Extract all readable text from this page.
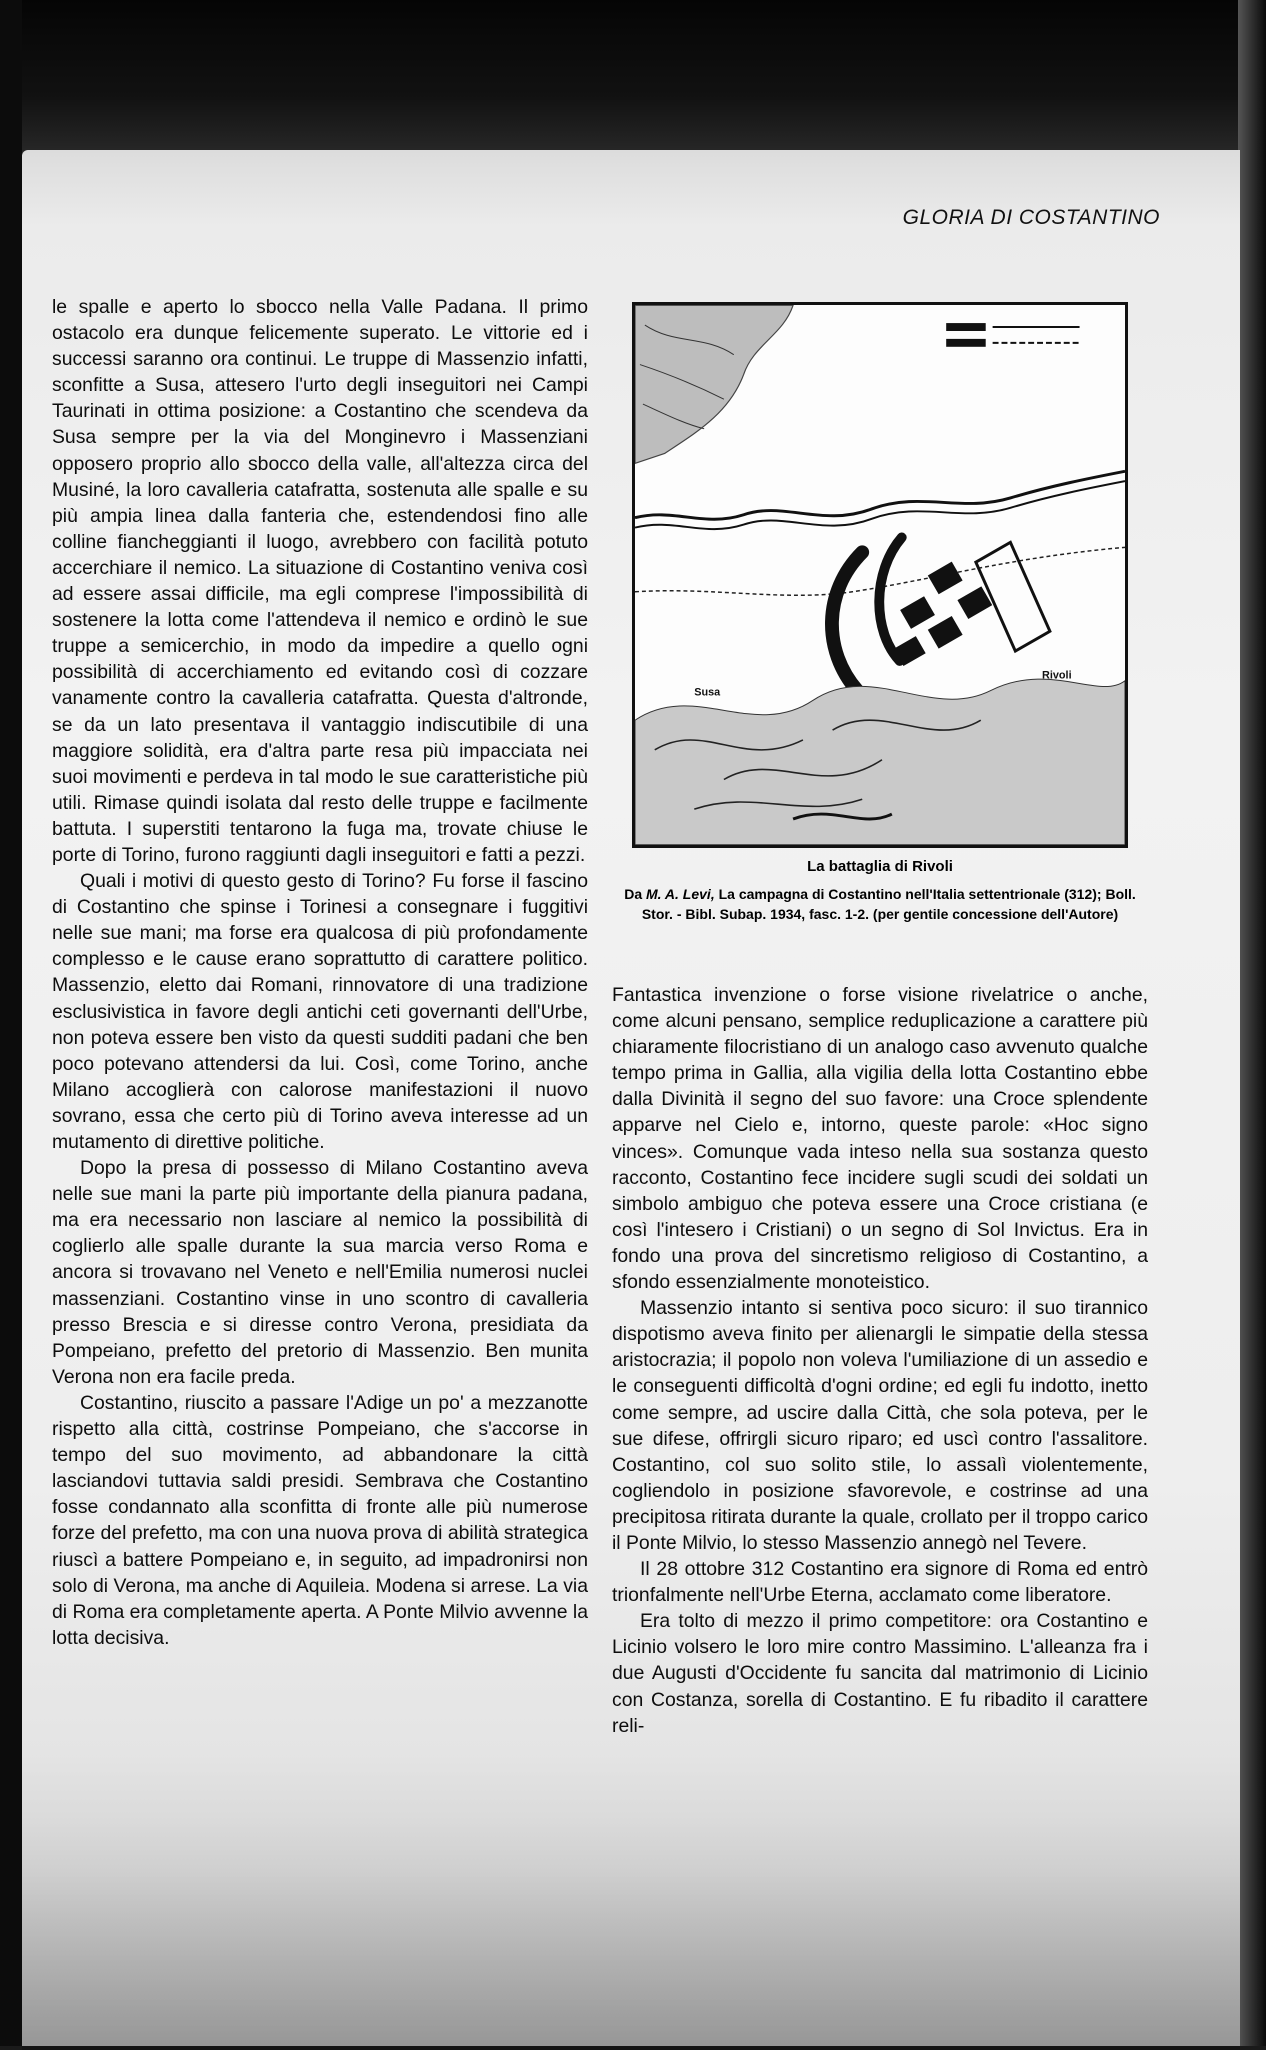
GLORIA DI COSTANTINO

le spalle e aperto lo sbocco nella Valle Padana. Il primo ostacolo era dunque felicemente superato. Le vittorie ed i successi saranno ora continui. Le truppe di Massenzio infatti, sconfitte a Susa, attesero l'urto degli inseguitori nei Campi Taurinati in ottima posizione: a Costantino che scendeva da Susa sempre per la via del Monginevro i Massenziani opposero proprio allo sbocco della valle, all'altezza circa del Musiné, la loro cavalleria catafratta, sostenuta alle spalle e su più ampia linea dalla fanteria che, estendendosi fino alle colline fiancheggianti il luogo, avrebbero con facilità potuto accerchiare il nemico. La situazione di Costantino veniva così ad essere assai difficile, ma egli comprese l'impossibilità di sostenere la lotta come l'attendeva il nemico e ordinò le sue truppe a semicerchio, in modo da impedire a quello ogni possibilità di accerchiamento ed evitando così di cozzare vanamente contro la cavalleria catafratta. Questa d'altronde, se da un lato presentava il vantaggio indiscutibile di una maggiore solidità, era d'altra parte resa più impacciata nei suoi movimenti e perdeva in tal modo le sue caratteristiche più utili. Rimase quindi isolata dal resto delle truppe e facilmente battuta. I superstiti tentarono la fuga ma, trovate chiuse le porte di Torino, furono raggiunti dagli inseguitori e fatti a pezzi.

Quali i motivi di questo gesto di Torino? Fu forse il fascino di Costantino che spinse i Torinesi a consegnare i fuggitivi nelle sue mani; ma forse era qualcosa di più profondamente complesso e le cause erano soprattutto di carattere politico. Massenzio, eletto dai Romani, rinnovatore di una tradizione esclusivistica in favore degli antichi ceti governanti dell'Urbe, non poteva essere ben visto da questi sudditi padani che ben poco potevano attendersi da lui. Così, come Torino, anche Milano accoglierà con calorose manifestazioni il nuovo sovrano, essa che certo più di Torino aveva interesse ad un mutamento di direttive politiche.

Dopo la presa di possesso di Milano Costantino aveva nelle sue mani la parte più importante della pianura padana, ma era necessario non lasciare al nemico la possibilità di coglierlo alle spalle durante la sua marcia verso Roma e ancora si trovavano nel Veneto e nell'Emilia numerosi nuclei massenziani. Costantino vinse in uno scontro di cavalleria presso Brescia e si diresse contro Verona, presidiata da Pompeiano, prefetto del pretorio di Massenzio. Ben munita Verona non era facile preda.

Costantino, riuscito a passare l'Adige un po' a mezzanotte rispetto alla città, costrinse Pompeiano, che s'accorse in tempo del suo movimento, ad abbandonare la città lasciandovi tuttavia saldi presidi. Sembrava che Costantino fosse condannato alla sconfitta di fronte alle più numerose forze del prefetto, ma con una nuova prova di abilità strategica riuscì a battere Pompeiano e, in seguito, ad impadronirsi non solo di Verona, ma anche di Aquileia. Modena si arrese. La via di Roma era completamente aperta. A Ponte Milvio avvenne la lotta decisiva.

Rivoli
Susa
La battaglia di Rivoli
Da M. A. Levi, La campagna di Costantino nell'Italia settentrionale (312); Boll. Stor. - Bibl. Subap. 1934, fasc. 1-2. (per gentile concessione dell'Autore)

Fantastica invenzione o forse visione rivelatrice o anche, come alcuni pensano, semplice reduplicazione a carattere più chiaramente filocristiano di un analogo caso avvenuto qualche tempo prima in Gallia, alla vigilia della lotta Costantino ebbe dalla Divinità il segno del suo favore: una Croce splendente apparve nel Cielo e, intorno, queste parole: «Hoc signo vinces». Comunque vada inteso nella sua sostanza questo racconto, Costantino fece incidere sugli scudi dei soldati un simbolo ambiguo che poteva essere una Croce cristiana (e così l'intesero i Cristiani) o un segno di Sol Invictus. Era in fondo una prova del sincretismo religioso di Costantino, a sfondo essenzialmente monoteistico.

Massenzio intanto si sentiva poco sicuro: il suo tirannico dispotismo aveva finito per alienargli le simpatie della stessa aristocrazia; il popolo non voleva l'umiliazione di un assedio e le conseguenti difficoltà d'ogni ordine; ed egli fu indotto, inetto come sempre, ad uscire dalla Città, che sola poteva, per le sue difese, offrirgli sicuro riparo; ed uscì contro l'assalitore. Costantino, col suo solito stile, lo assalì violentemente, cogliendolo in posizione sfavorevole, e costrinse ad una precipitosa ritirata durante la quale, crollato per il troppo carico il Ponte Milvio, lo stesso Massenzio annegò nel Tevere.

Il 28 ottobre 312 Costantino era signore di Roma ed entrò trionfalmente nell'Urbe Eterna, acclamato come liberatore.

Era tolto di mezzo il primo competitore: ora Costantino e Licinio volsero le loro mire contro Massimino. L'alleanza fra i due Augusti d'Occidente fu sancita dal matrimonio di Licinio con Costanza, sorella di Costantino. E fu ribadito il carattere reli-
